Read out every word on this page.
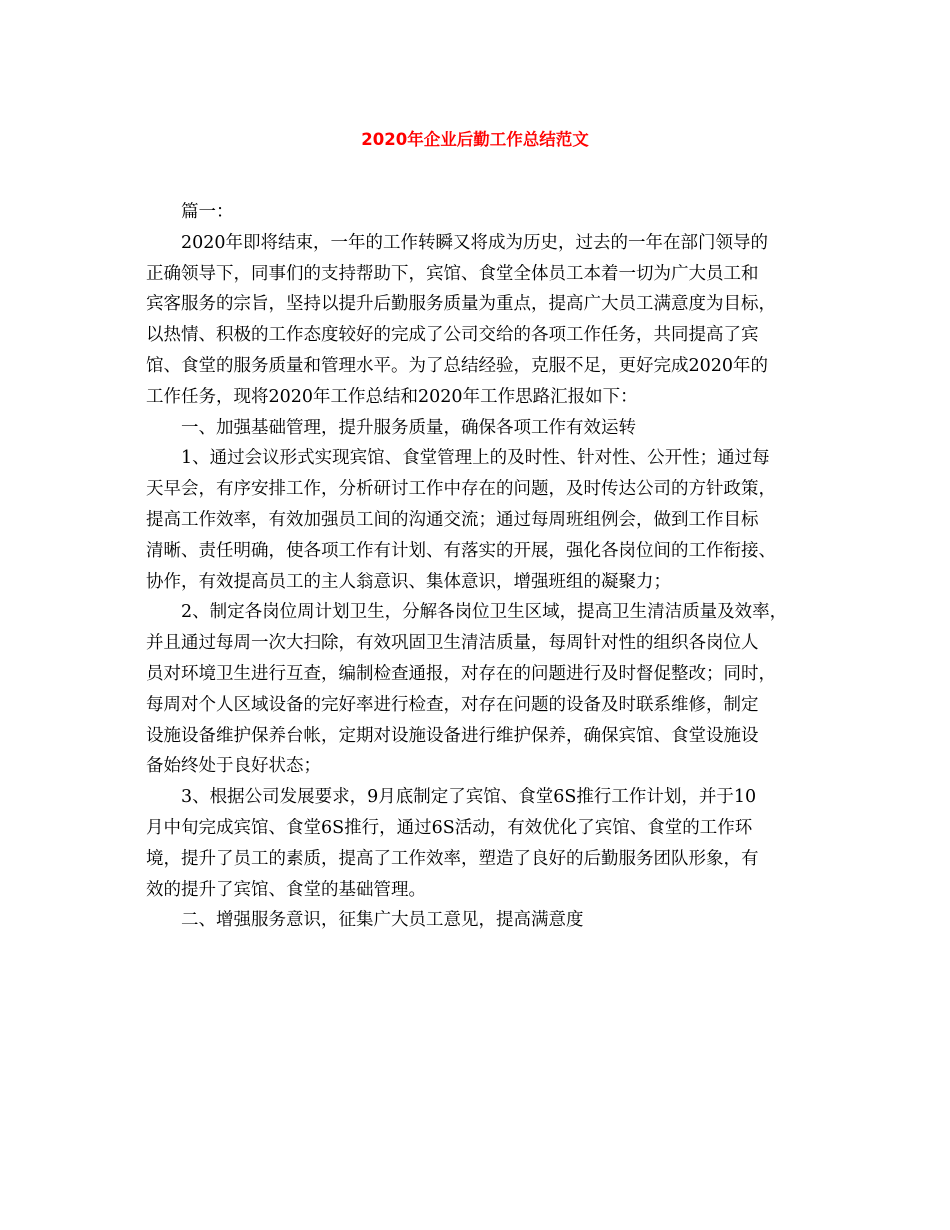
2020年企业后勤工作总结范文
篇一：
2020年即将结束，一年的工作转瞬又将成为历史，过去的一年在部门领导的
正确领导下，同事们的支持帮助下，宾馆、食堂全体员工本着一切为广大员工和
宾客服务的宗旨，坚持以提升后勤服务质量为重点，提高广大员工满意度为目标，
以热情、积极的工作态度较好的完成了公司交给的各项工作任务，共同提高了宾
馆、食堂的服务质量和管理水平。为了总结经验，克服不足，更好完成2020年的
工作任务，现将2020年工作总结和2020年工作思路汇报如下：
一、加强基础管理，提升服务质量，确保各项工作有效运转
1、通过会议形式实现宾馆、食堂管理上的及时性、针对性、公开性；通过每
天早会，有序安排工作，分析研讨工作中存在的问题，及时传达公司的方针政策，
提高工作效率，有效加强员工间的沟通交流；通过每周班组例会，做到工作目标
清晰、责任明确，使各项工作有计划、有落实的开展，强化各岗位间的工作衔接、
协作，有效提高员工的主人翁意识、集体意识，增强班组的凝聚力；
2、制定各岗位周计划卫生，分解各岗位卫生区域，提高卫生清洁质量及效率，
并且通过每周一次大扫除，有效巩固卫生清洁质量，每周针对性的组织各岗位人
员对环境卫生进行互查，编制检查通报，对存在的问题进行及时督促整改；同时，
每周对个人区域设备的完好率进行检查，对存在问题的设备及时联系维修，制定
设施设备维护保养台帐，定期对设施设备进行维护保养，确保宾馆、食堂设施设
备始终处于良好状态；
3、根据公司发展要求，9月底制定了宾馆、食堂6S推行工作计划，并于10
月中旬完成宾馆、食堂6S推行，通过6S活动，有效优化了宾馆、食堂的工作环
境，提升了员工的素质，提高了工作效率，塑造了良好的后勤服务团队形象，有
效的提升了宾馆、食堂的基础管理。
二、增强服务意识，征集广大员工意见，提高满意度
